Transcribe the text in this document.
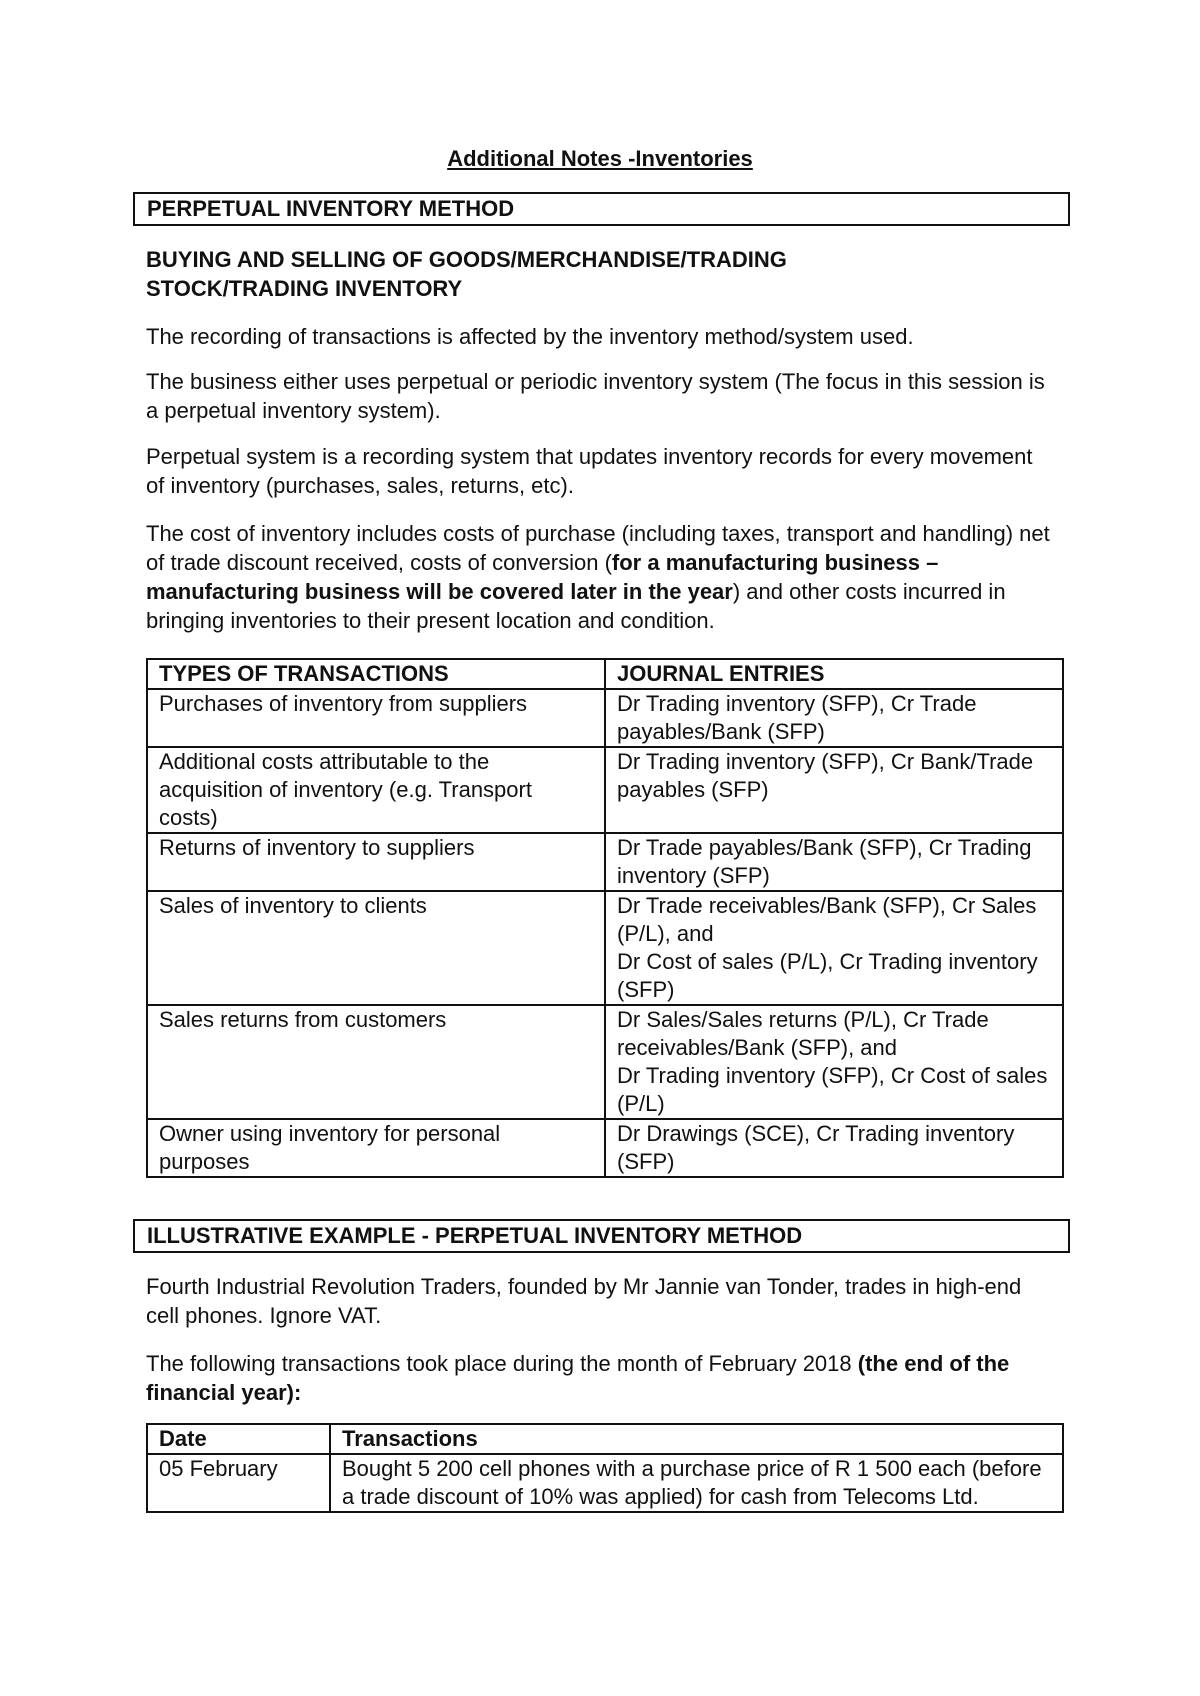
Additional Notes -Inventories
PERPETUAL INVENTORY METHOD

BUYING AND SELLING OF GOODS/MERCHANDISE/TRADING
STOCK/TRADING INVENTORY

The recording of transactions is affected by the inventory method/system used.

The business either uses perpetual or periodic inventory system (The focus in this session is a perpetual inventory system).

Perpetual system is a recording system that updates inventory records for every movement of inventory (purchases, sales, returns, etc).

The cost of inventory includes costs of purchase (including taxes, transport and handling) net of trade discount received, costs of conversion (for a manufacturing business – manufacturing business will be covered later in the year) and other costs incurred in bringing inventories to their present location and condition.

TYPES OF TRANSACTIONS	JOURNAL ENTRIES
Purchases of inventory from suppliers	Dr Trading inventory (SFP), Cr Trade payables/Bank (SFP)
Additional costs attributable to the acquisition of inventory (e.g. Transport costs)	Dr Trading inventory (SFP), Cr Bank/Trade payables (SFP)
Returns of inventory to suppliers	Dr Trade payables/Bank (SFP), Cr Trading inventory (SFP)
Sales of inventory to clients	Dr Trade receivables/Bank (SFP), Cr Sales (P/L), and
Dr Cost of sales (P/L), Cr Trading inventory (SFP)
Sales returns from customers	Dr Sales/Sales returns (P/L), Cr Trade receivables/Bank (SFP), and
Dr Trading inventory (SFP), Cr Cost of sales (P/L)
Owner using inventory for personal purposes	Dr Drawings (SCE), Cr Trading inventory (SFP)
ILLUSTRATIVE EXAMPLE - PERPETUAL INVENTORY METHOD

Fourth Industrial Revolution Traders, founded by Mr Jannie van Tonder, trades in high-end cell phones. Ignore VAT.

The following transactions took place during the month of February 2018 (the end of the financial year):

Date	Transactions
05 February	Bought 5 200 cell phones with a purchase price of R 1 500 each (before a trade discount of 10% was applied) for cash from Telecoms Ltd.
